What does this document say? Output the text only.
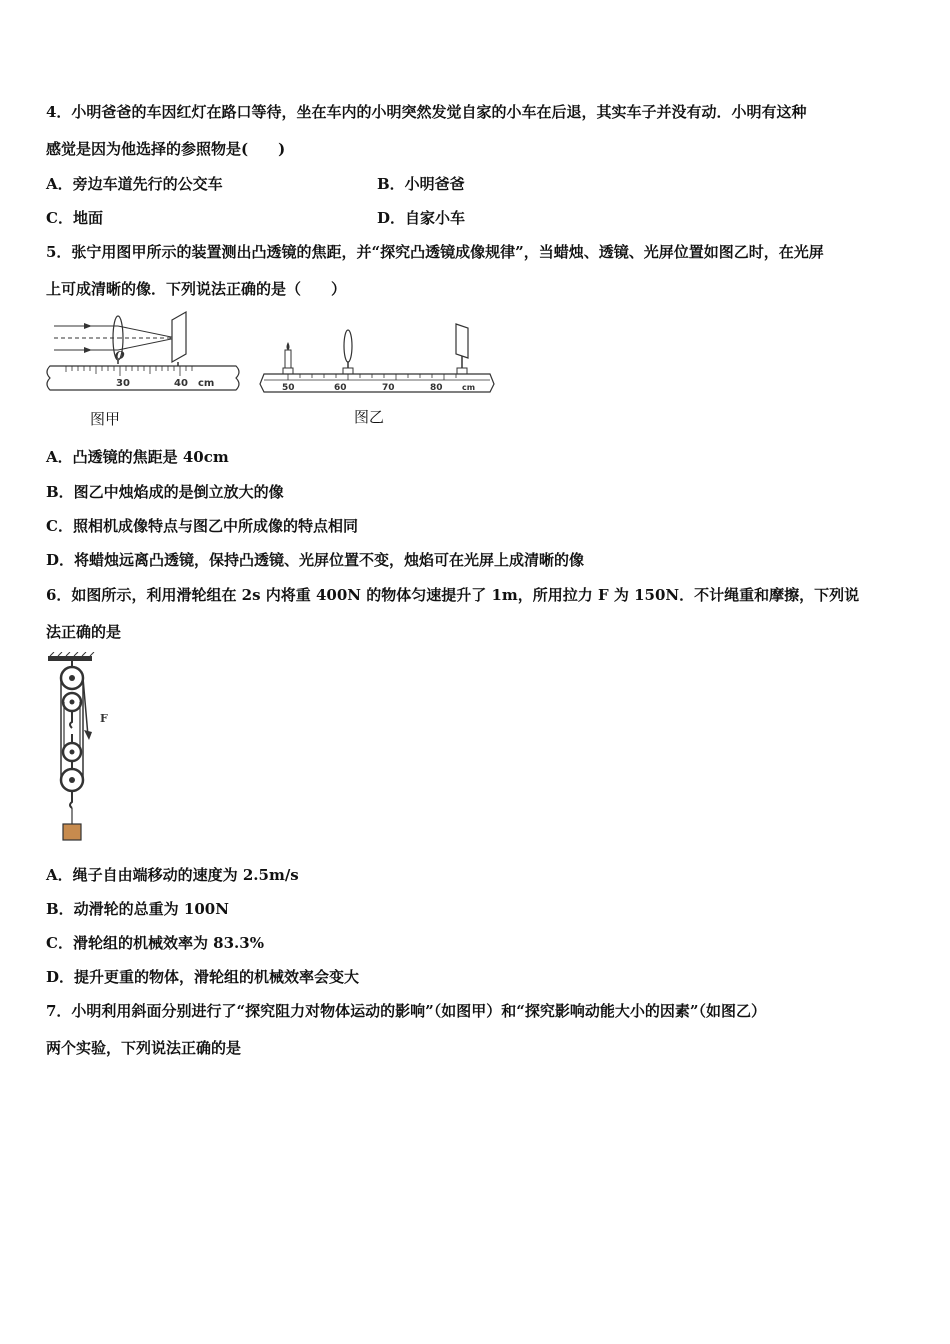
4．小明爸爸的车因红灯在路口等待，坐在车内的小明突然发觉自家的小车在后退，其实车子并没有动．小明有这种
感觉是因为他选择的参照物是(　　)
A．旁边车道先行的公交车	B．小明爸爸
C．地面	D．自家小车
5．张宁用图甲所示的装置测出凸透镜的焦距，并“探究凸透镜成像规律”，当蜡烛、透镜、光屏位置如图乙时，在光屏
上可成清晰的像．下列说法正确的是（　　）
O
30	40 cm
图甲
50	60	70	80 cm
图乙
A．凸透镜的焦距是 40cm
B．图乙中烛焰成的是倒立放大的像
C．照相机成像特点与图乙中所成像的特点相同
D．将蜡烛远离凸透镜，保持凸透镜、光屏位置不变，烛焰可在光屏上成清晰的像
6．如图所示，利用滑轮组在 2s 内将重 400N 的物体匀速提升了 1m，所用拉力 F 为 150N．不计绳重和摩擦，下列说
法正确的是
F
A．绳子自由端移动的速度为 2.5m/s
B．动滑轮的总重为 100N
C．滑轮组的机械效率为 83.3%
D．提升更重的物体，滑轮组的机械效率会变大
7．小明利用斜面分别进行了“探究阻力对物体运动的影响”（如图甲）和“探究影响动能大小的因素”（如图乙）
两个实验，下列说法正确的是
